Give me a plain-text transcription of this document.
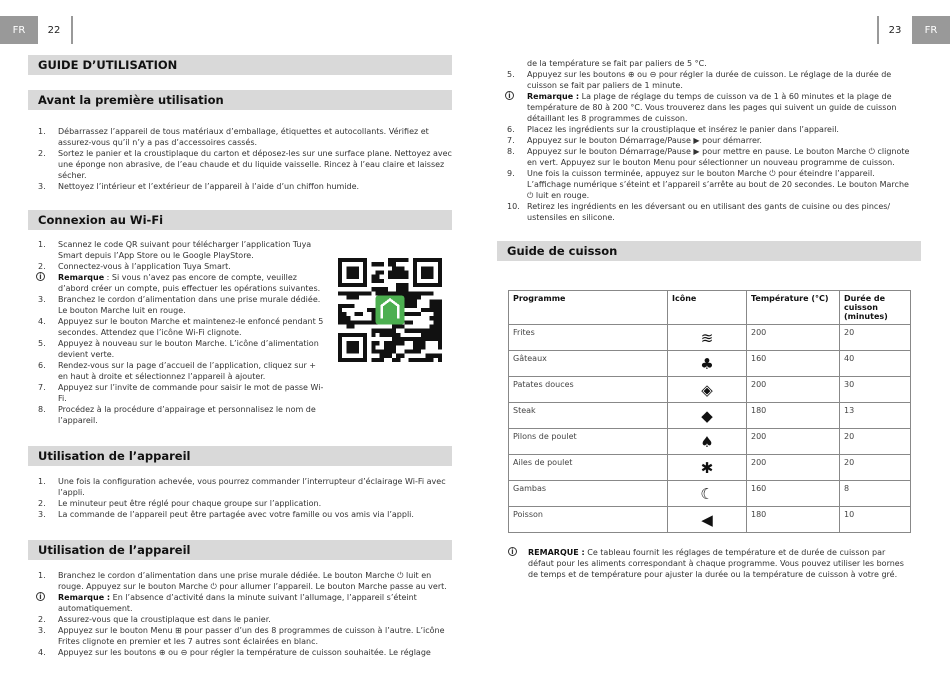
FR	22	23	FR
GUIDE D’UTILISATION
Avant la première utilisation
1. Débarrassez l’appareil de tous matériaux d’emballage, étiquettes et autocollants. Vérifiez et assurez-vous qu’il n’y a pas d’accessoires cassés.
2. Sortez le panier et la croustiplaque du carton et déposez-les sur une surface plane. Nettoyez avec une éponge non abrasive, de l’eau chaude et du liquide vaisselle. Rincez à l’eau claire et laissez sécher.
3. Nettoyez l’intérieur et l’extérieur de l’appareil à l’aide d’un chiffon humide.
Connexion au Wi-Fi
1. Scannez le code QR suivant pour télécharger l’application Tuya Smart depuis l’App Store ou le Google PlayStore.
2. Connectez-vous à l’application Tuya Smart.
i	Remarque : Si vous n’avez pas encore de compte, veuillez d’abord créer un compte, puis effectuer les opérations suivantes.
3. Branchez le cordon d’alimentation dans une prise murale dédiée. Le bouton Marche luit en rouge.
4. Appuyez sur le bouton Marche et maintenez-le enfoncé pendant 5 secondes. Attendez que l’icône Wi-Fi clignote.
5. Appuyez à nouveau sur le bouton Marche. L’icône d’alimentation devient verte.
6. Rendez-vous sur la page d’accueil de l’application, cliquez sur + en haut à droite et sélectionnez l’appareil à ajouter.
7. Appuyez sur l’invite de commande pour saisir le mot de passe Wi-Fi.
8. Procédez à la procédure d’appairage et personnalisez le nom de l’appareil.
Utilisation de l’appareil
1. Une fois la configuration achevée, vous pourrez commander l’interrupteur d’éclairage Wi-Fi avec l’appli.
2. Le minuteur peut être réglé pour chaque groupe sur l’application.
3. La commande de l’appareil peut être partagée avec votre famille ou vos amis via l’appli.
Utilisation de l’appareil
1. Branchez le cordon d’alimentation dans une prise murale dédiée. Le bouton Marche ⏻ luit en rouge. Appuyez sur le bouton Marche ⏻ pour allumer l’appareil. Le bouton Marche passe au vert.
i	Remarque : En l’absence d’activité dans la minute suivant l’allumage, l’appareil s’éteint automatiquement.
2. Assurez-vous que la croustiplaque est dans le panier.
3. Appuyez sur le bouton Menu ⊞ pour passer d’un des 8 programmes de cuisson à l’autre. L’icône Frites clignote en premier et les 7 autres sont éclairées en blanc.
4. Appuyez sur les boutons ⊕ ou ⊖ pour régler la température de cuisson souhaitée. Le réglage
de la température se fait par paliers de 5 °C.
5. Appuyez sur les boutons ⊕ ou ⊖ pour régler la durée de cuisson. Le réglage de la durée de cuisson se fait par paliers de 1 minute.
i	Remarque : La plage de réglage du temps de cuisson va de 1 à 60 minutes et la plage de température de 80 à 200 °C. Vous trouverez dans les pages qui suivent un guide de cuisson détaillant les 8 programmes de cuisson.
6. Placez les ingrédients sur la croustiplaque et insérez le panier dans l’appareil.
7. Appuyez sur le bouton Démarrage/Pause ▶ pour démarrer.
8. Appuyez sur le bouton Démarrage/Pause ▶ pour mettre en pause. Le bouton Marche ⏻ clignote en vert. Appuyez sur le bouton Menu pour sélectionner un nouveau programme de cuisson.
9. Une fois la cuisson terminée, appuyez sur le bouton Marche ⏻ pour éteindre l’appareil. L’affichage numérique s’éteint et l’appareil s’arrête au bout de 20 secondes. Le bouton Marche ⏻ luit en rouge.
10. Retirez les ingrédients en les déversant ou en utilisant des gants de cuisine ou des pinces/ ustensiles en silicone.
Guide de cuisson
Programme	Icône	Température (°C)	Durée de cuisson (minutes)
Frites	≋	200	20
Gâteaux	♣	160	40
Patates douces	◈	200	30
Steak	◆	180	13
Pilons de poulet	♠	200	20
Ailes de poulet	✱	200	20
Gambas	☾	160	8
Poisson	◀	180	10
i	REMARQUE : Ce tableau fournit les réglages de température et de durée de cuisson par défaut pour les aliments correspondant à chaque programme. Vous pouvez utiliser les bornes de temps et de température pour ajuster la durée ou la température de cuisson à votre gré.
